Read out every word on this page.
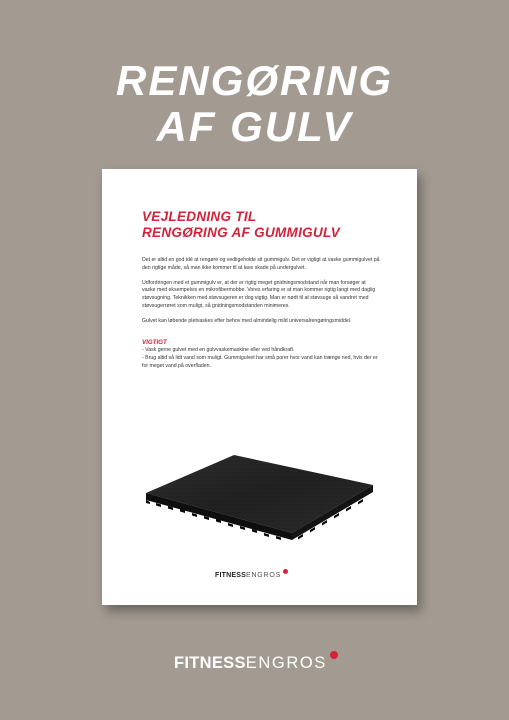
RENGØRING
AF GULV
VEJLEDNING TIL
RENGØRING AF GUMMIGULV

Det er altid en god idé at rengøre og vedligeholde sit gummigulv. Det er vigtigt at vaske gummigulvet på den rigtige måde, så man ikke kommer til at lave skade på undergulvet.

Udfordringen med et gummigulv er, at der er rigtig meget gnidningsmodstand når man forsøger at vaske med eksempelvis en mikrofibermobbe. Vores erfaring er at man kommer rigtig langt med daglig støvsugning. Teknikken med støvsugeren er dog vigtig. Man er nødt til at støvsuge så vandret med støvsugerrøret som muligt, så gnidningsmodstanden minimeres.

Gulvet kan løbende pletvaskes efter behov med almindelig mild universalrengøringsmiddel.

VIGTIGT
- Vask gerne gulvet med en gulvvaskemaskine eller ved håndkraft.
- Brug altid så lidt vand som muligt. Gummigulvet har små porer hvor vand kan trænge ned, hvis der er for meget vand på overfladen.
FITNESSENGROS
FITNESSENGROS
